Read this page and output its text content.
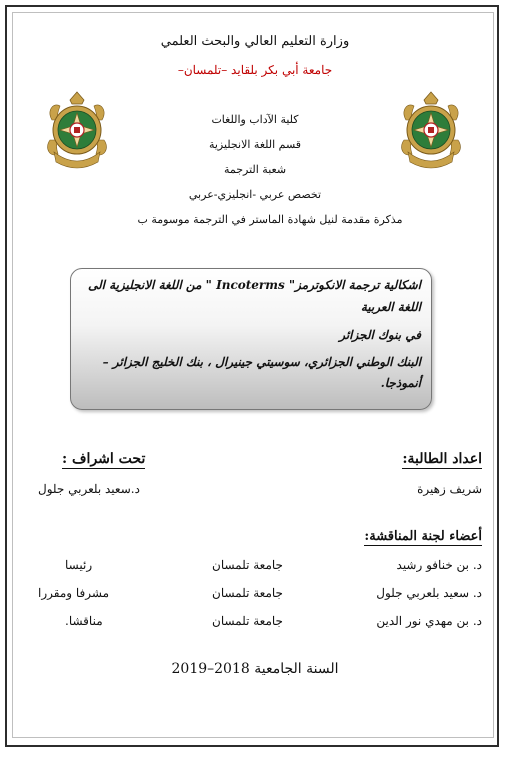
وزارة التعليم العالي والبحث العلمي
جامعة أبي بكر بلقايد –تلمسان–
كلية الآداب واللغات
قسم اللغة الانجليزية
شعبة الترجمة
تخصص عربي -انجليزي-عربي
مذكرة مقدمة لنيل شهادة الماستر في الترجمة موسومة ب
اشكالية ترجمة الانكوترمز" Incoterms " من اللغة الانجليزية الى
اللغة العربية
في بنوك الجزائر
البنك الوطني الجزائري، سوسيتي جينيرال ، بنك الخليج الجزائر –
أنموذجا.
اعداد الطالبة:
تحت اشراف :
شريف زهيرة
د.سعيد بلعربي جلول
أعضاء لجنة المناقشة:
د. بن خنافو رشيد
جامعة تلمسان
رئيسا
د. سعيد بلعربي جلول
جامعة تلمسان
مشرفا ومقررا
د. بن مهدي نور الدين
جامعة تلمسان
مناقشا.
السنة الجامعية 2018–2019
